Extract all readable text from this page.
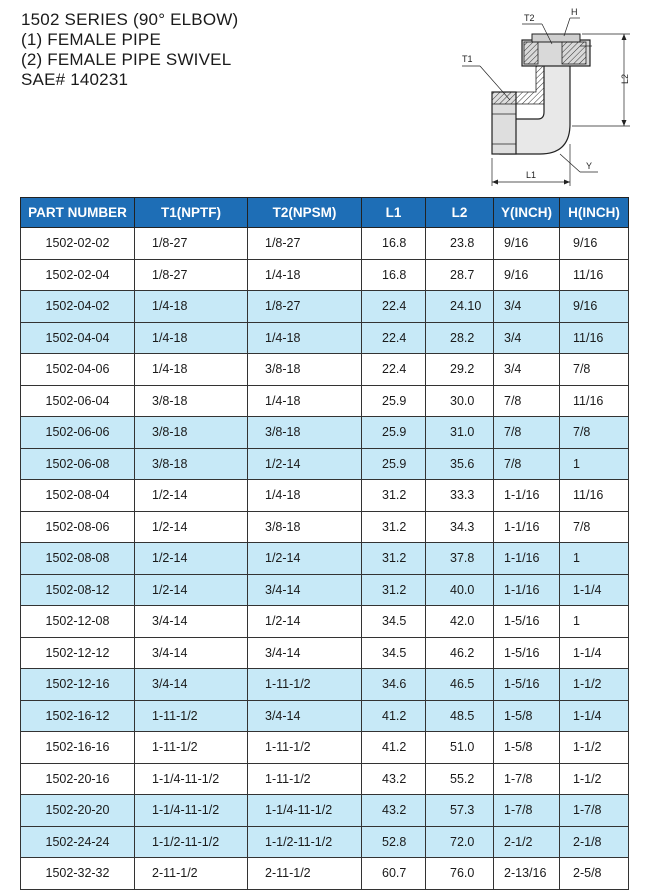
1502 SERIES (90° ELBOW)

(1) FEMALE PIPE

(2) FEMALE PIPE SWIVEL

SAE# 140231

T2
H
T1
L2
L1
Y
PART NUMBER	T1(NPTF)	T2(NPSM)	L1	L2	Y(INCH)	H(INCH)
1502-02-02	1/8-27	1/8-27	16.8	23.8	9/16	9/16
1502-02-04	1/8-27	1/4-18	16.8	28.7	9/16	11/16
1502-04-02	1/4-18	1/8-27	22.4	24.10	3/4	9/16
1502-04-04	1/4-18	1/4-18	22.4	28.2	3/4	11/16
1502-04-06	1/4-18	3/8-18	22.4	29.2	3/4	7/8
1502-06-04	3/8-18	1/4-18	25.9	30.0	7/8	11/16
1502-06-06	3/8-18	3/8-18	25.9	31.0	7/8	7/8
1502-06-08	3/8-18	1/2-14	25.9	35.6	7/8	1
1502-08-04	1/2-14	1/4-18	31.2	33.3	1-1/16	11/16
1502-08-06	1/2-14	3/8-18	31.2	34.3	1-1/16	7/8
1502-08-08	1/2-14	1/2-14	31.2	37.8	1-1/16	1
1502-08-12	1/2-14	3/4-14	31.2	40.0	1-1/16	1-1/4
1502-12-08	3/4-14	1/2-14	34.5	42.0	1-5/16	1
1502-12-12	3/4-14	3/4-14	34.5	46.2	1-5/16	1-1/4
1502-12-16	3/4-14	1-11-1/2	34.6	46.5	1-5/16	1-1/2
1502-16-12	1-11-1/2	3/4-14	41.2	48.5	1-5/8	1-1/4
1502-16-16	1-11-1/2	1-11-1/2	41.2	51.0	1-5/8	1-1/2
1502-20-16	1-1/4-11-1/2	1-11-1/2	43.2	55.2	1-7/8	1-1/2
1502-20-20	1-1/4-11-1/2	1-1/4-11-1/2	43.2	57.3	1-7/8	1-7/8
1502-24-24	1-1/2-11-1/2	1-1/2-11-1/2	52.8	72.0	2-1/2	2-1/8
1502-32-32	2-11-1/2	2-11-1/2	60.7	76.0	2-13/16	2-5/8
